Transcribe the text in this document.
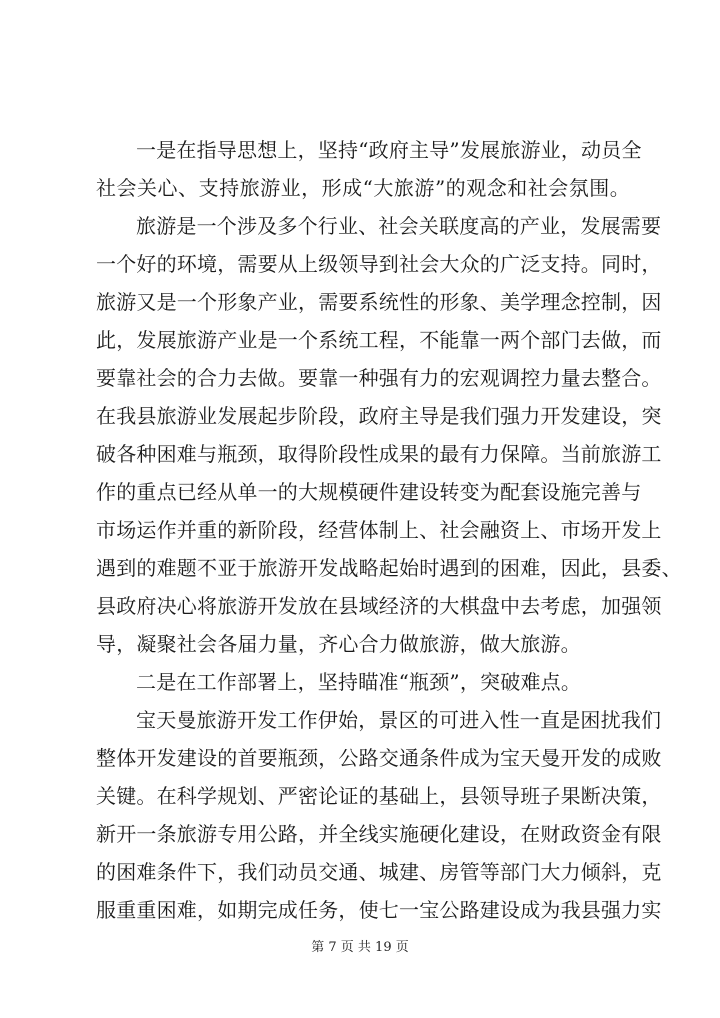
一是在指导思想上，坚持“政府主导”发展旅游业，动员全
社会关心、支持旅游业，形成“大旅游”的观念和社会氛围。
旅游是一个涉及多个行业、社会关联度高的产业，发展需要
一个好的环境，需要从上级领导到社会大众的广泛支持。同时，
旅游又是一个形象产业，需要系统性的形象、美学理念控制，因
此，发展旅游产业是一个系统工程，不能靠一两个部门去做，而
要靠社会的合力去做。要靠一种强有力的宏观调控力量去整合。
在我县旅游业发展起步阶段，政府主导是我们强力开发建设，突
破各种困难与瓶颈，取得阶段性成果的最有力保障。当前旅游工
作的重点已经从单一的大规模硬件建设转变为配套设施完善与
市场运作并重的新阶段，经营体制上、社会融资上、市场开发上
遇到的难题不亚于旅游开发战略起始时遇到的困难，因此，县委、
县政府决心将旅游开发放在县域经济的大棋盘中去考虑，加强领
导，凝聚社会各届力量，齐心合力做旅游，做大旅游。
二是在工作部署上，坚持瞄准“瓶颈”，突破难点。
宝天曼旅游开发工作伊始，景区的可进入性一直是困扰我们
整体开发建设的首要瓶颈，公路交通条件成为宝天曼开发的成败
关键。在科学规划、严密论证的基础上，县领导班子果断决策，
新开一条旅游专用公路，并全线实施硬化建设，在财政资金有限
的困难条件下，我们动员交通、城建、房管等部门大力倾斜，克
服重重困难，如期完成任务，使七一宝公路建设成为我县强力实
第 7 页 共 19 页
